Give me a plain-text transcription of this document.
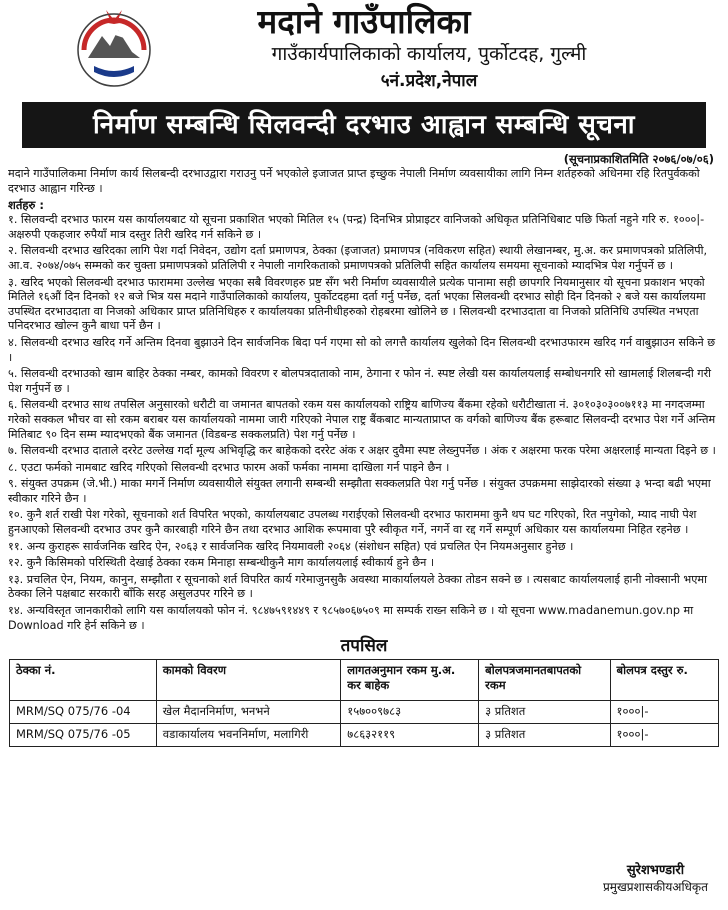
मदाने गाउँपालिका
गाउँकार्यपालिकाको कार्यालय, पुर्कोटदह, गुल्मी
५नं.प्रदेश,नेपाल
निर्माण सम्बन्धि सिलवन्दी दरभाउ आह्वान सम्बन्धि सूचना
(सूचनाप्रकाशितमिति २०७६/०७/०६)
मदाने गाउँपालिकमा निर्माण कार्य सिलबन्दी दरभाउद्वारा गराउनु पर्ने भएकोले इजाजत प्राप्त इच्छुक नेपाली निर्माण व्यवसायीका लागि निम्न शर्तहरुको अधिनमा रहि रितपुर्वकको दरभाउ आह्वान गरिन्छ ।
शर्तहरु :
१. सिलवन्दी दरभाउ फारम यस कार्यालयबाट यो सूचना प्रकाशित भएको मितिल १५ (पन्द्र) दिनभित्र प्रोप्राइटर वानिजको अधिकृत प्रतिनिधिबाट पछि फिर्ता नहुने गरि रु. १०००|- अक्षरुपी एकहजार रुपैयाँ मात्र दस्तुर तिरी खरिद गर्न सकिने छ ।
२. सिलवन्धी दरभाउ खरिदका लागि पेश गर्दा निवेदन, उद्योग दर्ता प्रमाणपत्र, ठेक्का (इजाजत) प्रमाणपत्र (नविकरण सहित) स्थायी लेखानम्बर, मु.अ. कर प्रमाणपत्रको प्रतिलिपी, आ.व. २०७४/०७५ सम्मको कर चुक्ता प्रमाणपत्रको प्रतिलिपी र नेपाली नागरिकताको प्रमाणपत्रको प्रतिलिपी सहित कार्यालय समयमा सूचनाको म्यादभित्र पेश गर्नुपर्ने छ ।
३. खरिद भएको सिलवन्धी दरभाउ फाराममा उल्लेख भएका सबै विवरणहरु प्रष्ट सँग भरी निर्माण व्यवसायीले प्रत्येक पानामा सही छापगरि नियमानुसार यो सूचना प्रकाशन भएको मितिले १६औं दिन दिनको १२ बजे भित्र यस मदाने गाउँपालिकाको कार्यालय, पुर्कोटदहमा दर्ता गर्नु पर्नेछ, दर्ता भएका सिलवन्धी दरभाउ सोही दिन दिनको २ बजे यस कार्यालयमा उपस्थित दरभाउदाता वा निजको अधिकार प्राप्त प्रतिनिधिहरु र कार्यालयका प्रतिनीधीहरुको रोहबरमा खोलिने छ । सिलवन्धी दरभाउदाता वा निजको प्रतिनिधि उपस्थित नभएता पनिदरभाउ खोल्न कुनै बाधा पर्ने छैन ।
४. सिलवन्धी दरभाउ खरिद गर्ने अन्तिम दिनवा बुझाउने दिन सार्वजनिक बिदा पर्न गएमा सो को लगत्तै कार्यालय खुलेको दिन सिलवन्धी दरभाउफारम खरिद गर्न वाबुझाउन सकिने छ ।
५. सिलवन्धी दरभाउको खाम बाहिर ठेक्का नम्बर, कामको विवरण र बोलपत्रदाताको नाम, ठेगाना र फोन नं. स्पष्ट लेखी यस कार्यालयलाई सम्बोधनगरि सो खामलाई शिलबन्दी गरी पेश गर्नुपर्ने छ ।
६. सिलवन्धी दरभाउ साथ तपसिल अनुसारको धरौटी वा जमानत बापतको रकम यस कार्यालयको राष्ट्रिय बाणिज्य बैंकमा रहेको धरौटीखाता नं. ३०१०३०३००७११३ मा नगदजम्मा गरेको सक्कल भौचर वा सो रकम बराबर यस कार्यालयको नाममा जारी गरिएको नेपाल राष्ट्र बैंकबाट मान्यताप्राप्त क वर्गको बाणिज्य बैंक हरूबाट सिलवन्दी दरभाउ पेश गर्ने अन्तिम मितिबाट ९० दिन सम्म म्यादभएको बैंक जमानत (विडबन्ड सक्कलप्रति) पेश गर्नु पर्नेछ ।
७. सिलवन्धी दरभाउ दाताले दररेट उल्लेख गर्दा मूल्य अभिवृद्धि कर बाहेकको दररेट अंक र अक्षर दुवैमा स्पष्ट लेख्नुपर्नेछ । अंक र अक्षरमा फरक परेमा अक्षरलाई मान्यता दिइने छ ।
८. एउटा फर्मको नामबाट खरिद गरिएको सिलवन्धी दरभाउ फारम अर्को फर्मका नाममा दाखिला गर्न पाइने छैन ।
९. संयुक्त उपक्रम (जे.भी.) माका मगर्ने निर्माण व्यवसायीले संयुक्त लगानी सम्बन्धी सम्झौता सक्कलप्रति पेश गर्नु पर्नेछ । संयुक्त उपक्रममा साझेदारको संख्या ३ भन्दा बढी भएमा स्वीकार गरिने छैन ।
१०. कुनै शर्त राखी पेश गरेको, सूचनाको शर्त विपरित भएको, कार्यालयबाट उपलब्ध गराईएको सिलवन्धी दरभाउ फाराममा कुनै थप घट गरिएको, रित नपुगेको, म्याद नाघी पेश हुनआएको सिलवन्धी दरभाउ उपर कुनै कारबाही गरिने छैन तथा दरभाउ आशिक रूपमावा पुरै स्वीकृत गर्ने, नगर्ने वा रद्द गर्ने सम्पूर्ण अधिकार यस कार्यालयमा निहित रहनेछ ।
११. अन्य कुराहरू सार्वजनिक खरिद ऐन, २०६३ र सार्वजनिक खरिद नियमावली २०६४ (संशोधन सहित) एवं प्रचलित ऐन नियमअनुसार हुनेछ ।
१२. कुनै किसिमको परिस्थिती देखाई ठेक्का रकम मिनाहा सम्बन्धीकुनै माग कार्यालयलाई स्वीकार्य हुने छैन ।
१३. प्रचलित ऐन, नियम, कानुन, सम्झौता र सूचनाको शर्त विपरित कार्य गरेमाजुनसुकै अवस्था माकार्यालयले ठेक्का तोडन सक्ने छ । त्यसबाट कार्यालयलाई हानी नोक्सानी भएमा ठेक्का लिने पक्षबाट सरकारी बाँकि सरह असुलउपर गरिने छ ।
१४. अन्यविस्तृत जानकारीको लागि यस कार्यालयको फोन नं. ९८४७५९१४४९ र ९८५७०६७५०९ मा सम्पर्क राख्न सकिने छ । यो सूचना www.madanemun.gov.np मा Download गरि हेर्न सकिने छ ।
तपसिल
ठेक्का नं.	कामको विवरण	लागतअनुमान रकम मु.अ. कर बाहेक	बोलपत्रजमानतबापतको रकम	बोलपत्र दस्तुर रु.
MRM/SQ 075/76 -04	खेल मैदाननिर्माण, भनभने	१५७००९७८३	३ प्रतिशत	१०००|-
MRM/SQ 075/76 -05	वडाकार्यालय भवननिर्माण, मलागिरी	७८६३२११९	३ प्रतिशत	१०००|-
सुरेशभण्डारी
प्रमुखप्रशासकीयअधिकृत
